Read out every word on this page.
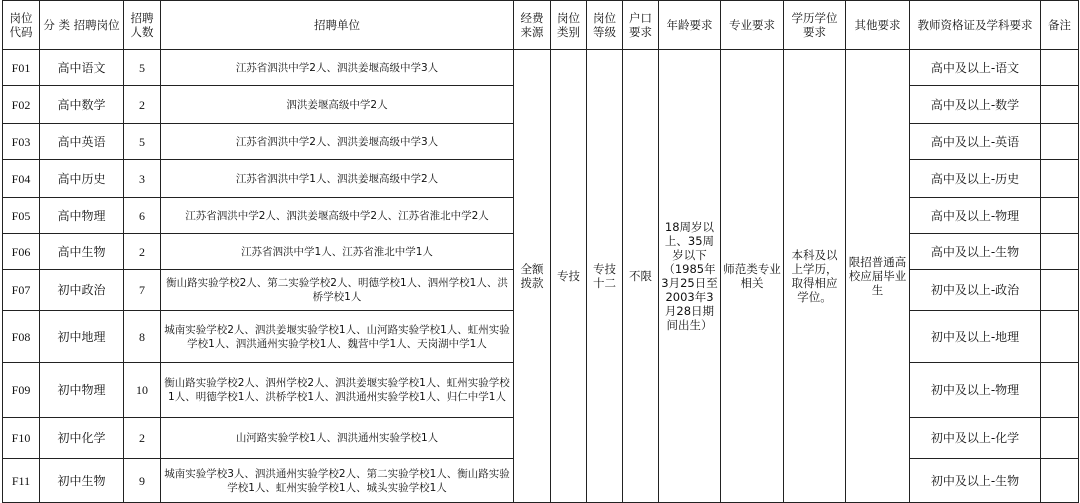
岗位代码	分 类 招聘岗位	招聘人数	招聘单位	经费来源	岗位类别	岗位等级	户口要求	年龄要求	专业要求	学历学位要求	其他要求	教师资格证及学科要求	备注
F01	高中语文	5	江苏省泗洪中学2人、泗洪姜堰高级中学3人	全额拨款	专技	专技十二	不限	18周岁以上、35周岁以下（1985年3月25日至2003年3月28日期间出生）	师范类专业相关	本科及以上学历，取得相应学位。	限招普通高校应届毕业生	高中及以上-语文	
F02	高中数学	2	泗洪姜堰高级中学2人									高中及以上-数学	
F03	高中英语	5	江苏省泗洪中学2人、泗洪姜堰高级中学3人									高中及以上-英语	
F04	高中历史	3	江苏省泗洪中学1人、泗洪姜堰高级中学2人									高中及以上-历史	
F05	高中物理	6	江苏省泗洪中学2人、泗洪姜堰高级中学2人、江苏省淮北中学2人									高中及以上-物理	
F06	高中生物	2	江苏省泗洪中学1人、江苏省淮北中学1人									高中及以上-生物	
F07	初中政治	7	衡山路实验学校2人、第二实验学校2人、明德学校1人、泗州学校1人、洪桥学校1人									初中及以上-政治	
F08	初中地理	8	城南实验学校2人、泗洪姜堰实验学校1人、山河路实验学校1人、虹州实验学校1人、泗洪通州实验学校1人、魏营中学1人、天岗湖中学1人									初中及以上-地理	
F09	初中物理	10	衡山路实验学校2人、泗州学校2人、泗洪姜堰实验学校1人、虹州实验学校1人、明德学校1人、洪桥学校1人、泗洪通州实验学校1人、归仁中学1人									初中及以上-物理	
F10	初中化学	2	山河路实验学校1人、泗洪通州实验学校1人									初中及以上-化学	
F11	初中生物	9	城南实验学校3人、泗洪通州实验学校2人、第二实验学校1人、衡山路实验学校1人、虹州实验学校1人、城头实验学校1人									初中及以上-生物	
